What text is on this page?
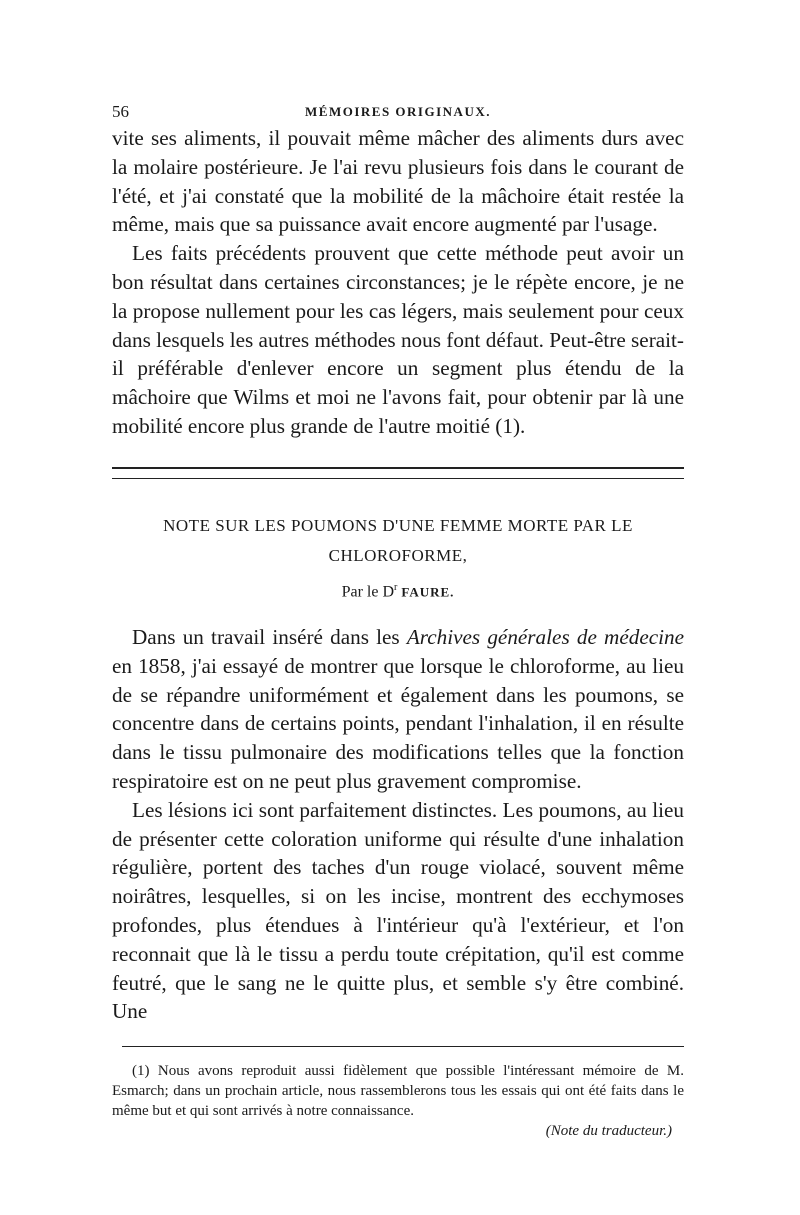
56	MÉMOIRES ORIGINAUX.

vite ses aliments, il pouvait même mâcher des aliments durs avec la molaire postérieure. Je l'ai revu plusieurs fois dans le courant de l'été, et j'ai constaté que la mobilité de la mâchoire était restée la même, mais que sa puissance avait encore augmenté par l'usage.

Les faits précédents prouvent que cette méthode peut avoir un bon résultat dans certaines circonstances; je le répète encore, je ne la propose nullement pour les cas légers, mais seulement pour ceux dans lesquels les autres méthodes nous font défaut. Peut-être serait-il préférable d'enlever encore un segment plus étendu de la mâchoire que Wilms et moi ne l'avons fait, pour obtenir par là une mobilité encore plus grande de l'autre moitié (1).

NOTE SUR LES POUMONS D'UNE FEMME MORTE PAR LE
CHLOROFORME,
Par le $D^r$ FAURE.

Dans un travail inséré dans les Archives générales de médecine en 1858, j'ai essayé de montrer que lorsque le chloroforme, au lieu de se répandre uniformément et également dans les poumons, se concentre dans de certains points, pendant l'inhalation, il en résulte dans le tissu pulmonaire des modifications telles que la fonction respiratoire est on ne peut plus gravement compromise.

Les lésions ici sont parfaitement distinctes. Les poumons, au lieu de présenter cette coloration uniforme qui résulte d'une inhalation régulière, portent des taches d'un rouge violacé, souvent même noirâtres, lesquelles, si on les incise, montrent des ecchymoses profondes, plus étendues à l'intérieur qu'à l'extérieur, et l'on reconnait que là le tissu a perdu toute crépitation, qu'il est comme feutré, que le sang ne le quitte plus, et semble s'y être combiné. Une

(1) Nous avons reproduit aussi fidèlement que possible l'intéressant mémoire de M. Esmarch; dans un prochain article, nous rassemblerons tous les essais qui ont été faits dans le même but et qui sont arrivés à notre connaissance.
(Note du traducteur.)
